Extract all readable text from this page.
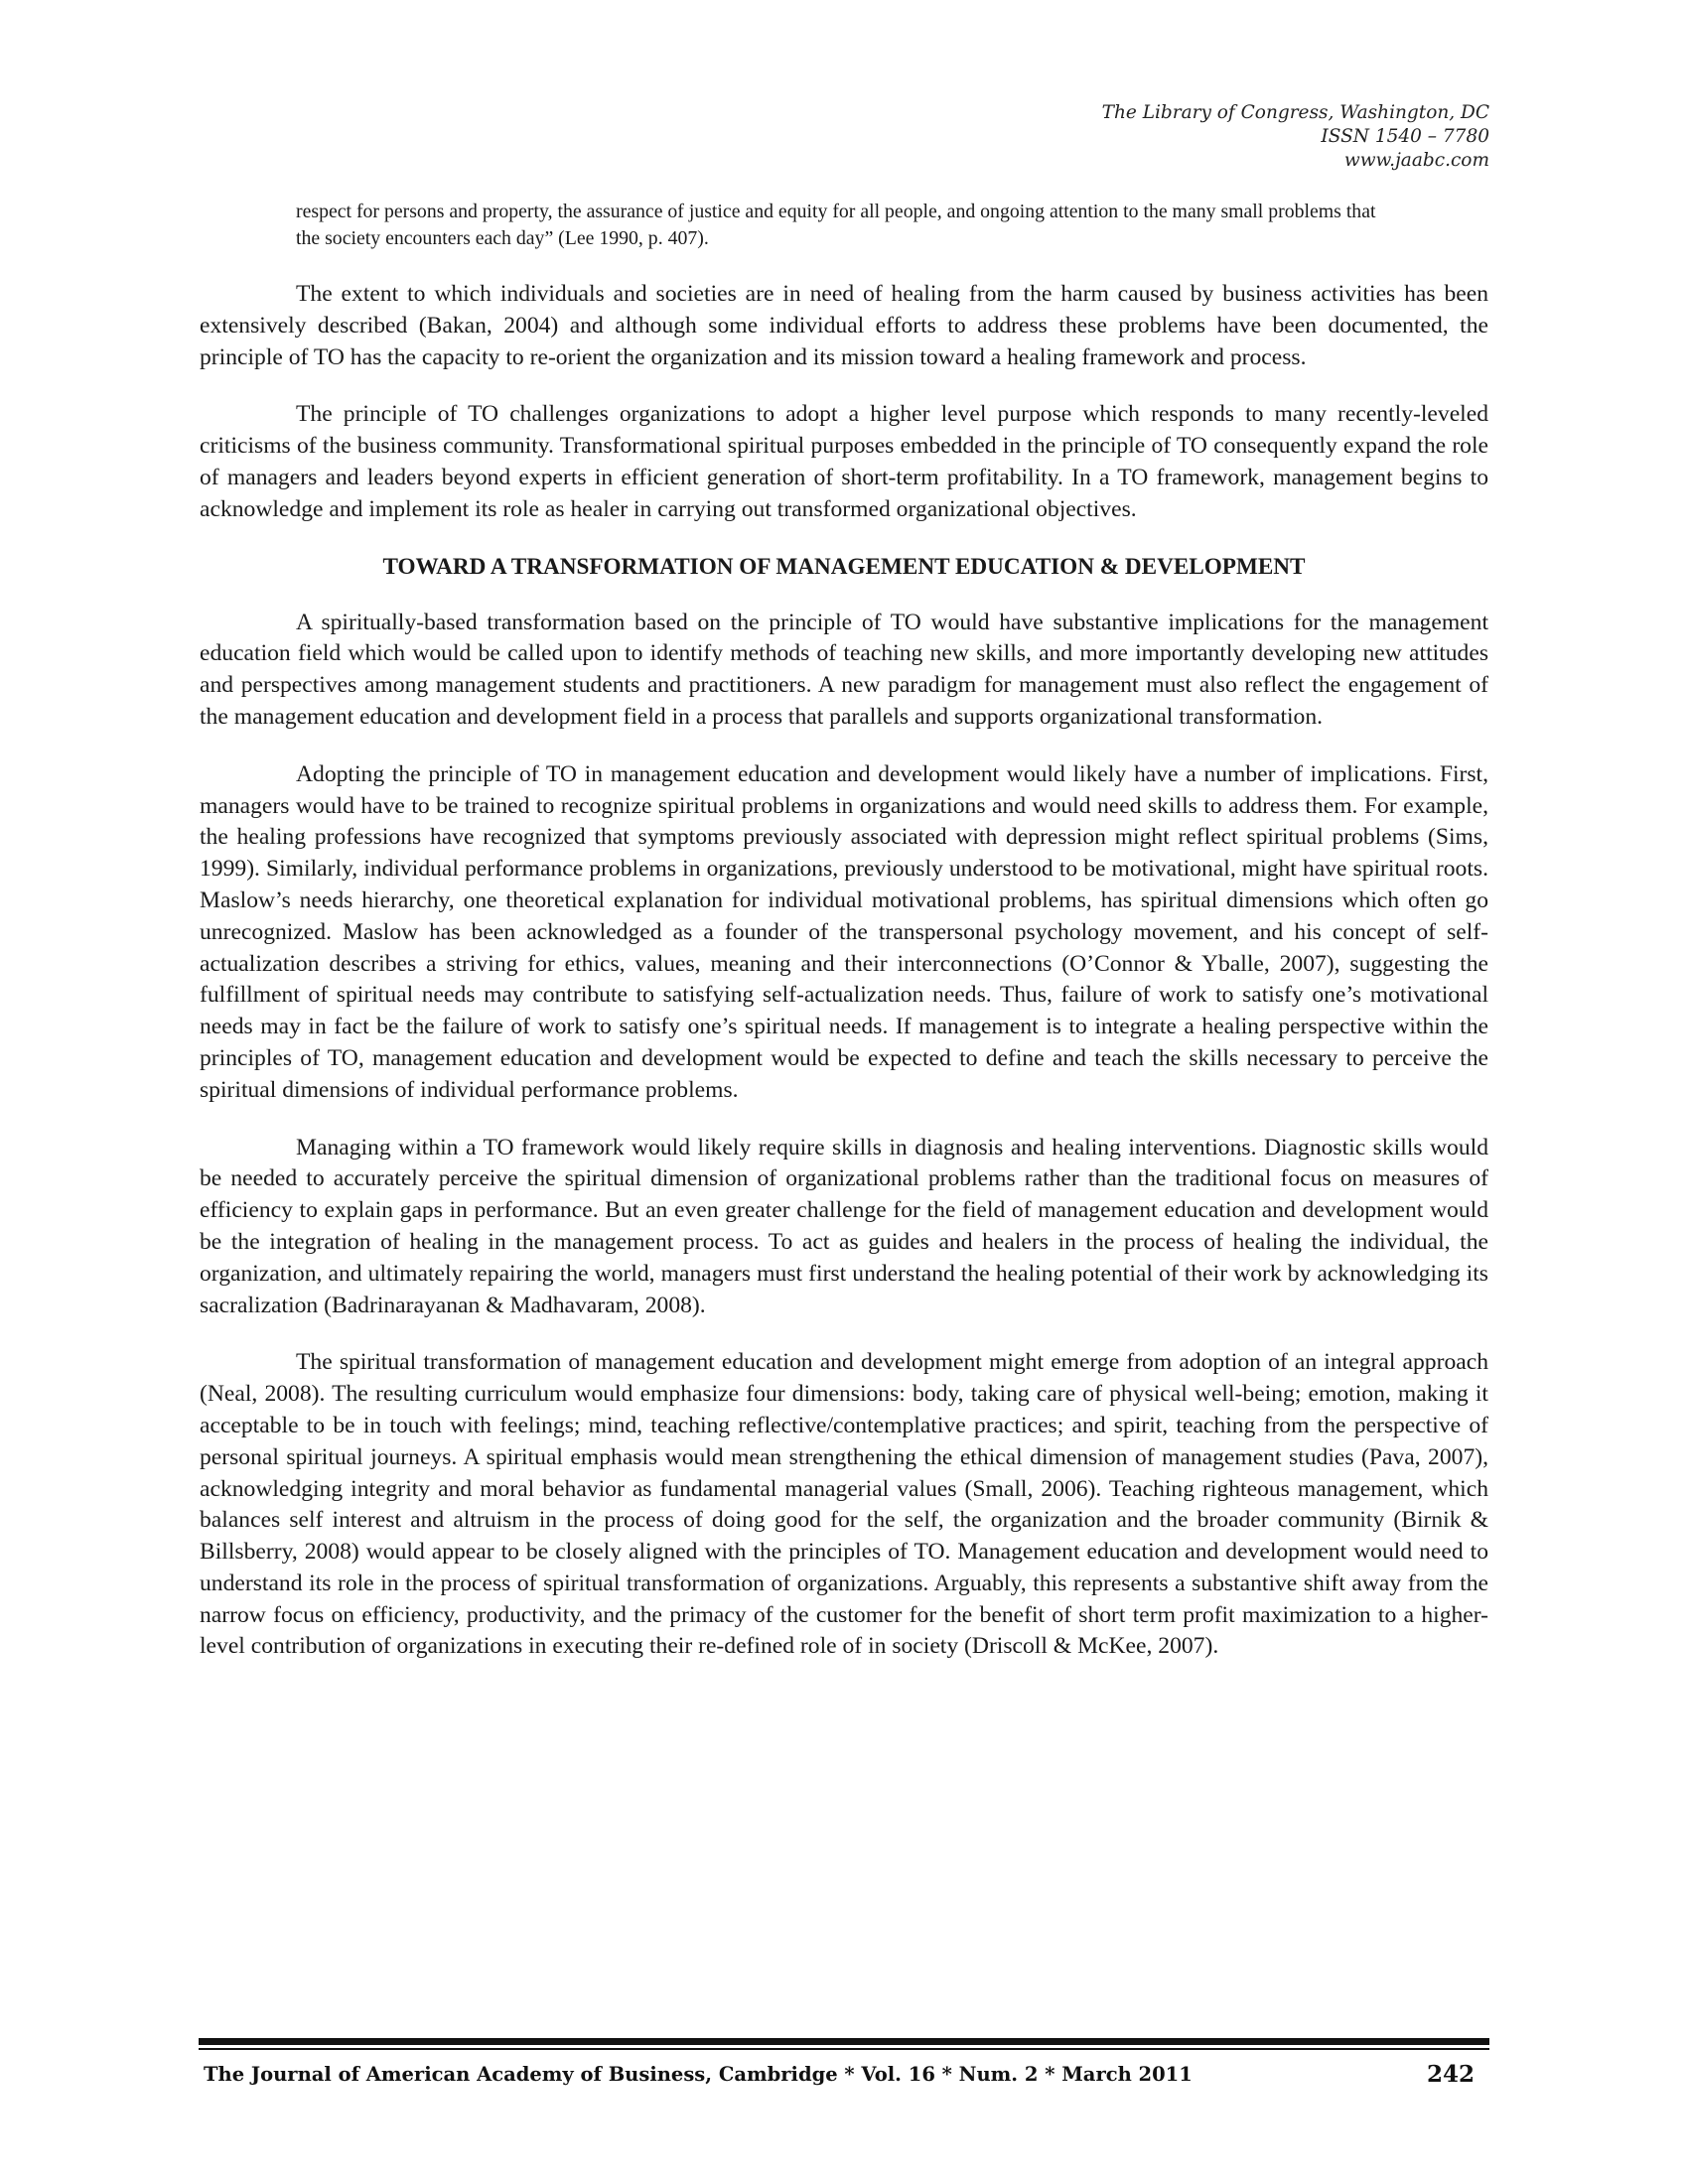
The Library of Congress, Washington, DC
ISSN 1540 – 7780
www.jaabc.com
respect for persons and property, the assurance of justice and equity for all people, and ongoing attention to the many small problems that the society encounters each day” (Lee 1990, p. 407).

The extent to which individuals and societies are in need of healing from the harm caused by business activities has been extensively described (Bakan, 2004) and although some individual efforts to address these problems have been documented, the principle of TO has the capacity to re-orient the organization and its mission toward a healing framework and process.

The principle of TO challenges organizations to adopt a higher level purpose which responds to many recently-leveled criticisms of the business community. Transformational spiritual purposes embedded in the principle of TO consequently expand the role of managers and leaders beyond experts in efficient generation of short-term profitability. In a TO framework, management begins to acknowledge and implement its role as healer in carrying out transformed organizational objectives.

TOWARD A TRANSFORMATION OF MANAGEMENT EDUCATION & DEVELOPMENT

A spiritually-based transformation based on the principle of TO would have substantive implications for the management education field which would be called upon to identify methods of teaching new skills, and more importantly developing new attitudes and perspectives among management students and practitioners. A new paradigm for management must also reflect the engagement of the management education and development field in a process that parallels and supports organizational transformation.

Adopting the principle of TO in management education and development would likely have a number of implications. First, managers would have to be trained to recognize spiritual problems in organizations and would need skills to address them. For example, the healing professions have recognized that symptoms previously associated with depression might reflect spiritual problems (Sims, 1999). Similarly, individual performance problems in organizations, previously understood to be motivational, might have spiritual roots. Maslow’s needs hierarchy, one theoretical explanation for individual motivational problems, has spiritual dimensions which often go unrecognized. Maslow has been acknowledged as a founder of the transpersonal psychology movement, and his concept of self-actualization describes a striving for ethics, values, meaning and their interconnections (O’Connor & Yballe, 2007), suggesting the fulfillment of spiritual needs may contribute to satisfying self-actualization needs. Thus, failure of work to satisfy one’s motivational needs may in fact be the failure of work to satisfy one’s spiritual needs. If management is to integrate a healing perspective within the principles of TO, management education and development would be expected to define and teach the skills necessary to perceive the spiritual dimensions of individual performance problems.

Managing within a TO framework would likely require skills in diagnosis and healing interventions. Diagnostic skills would be needed to accurately perceive the spiritual dimension of organizational problems rather than the traditional focus on measures of efficiency to explain gaps in performance. But an even greater challenge for the field of management education and development would be the integration of healing in the management process. To act as guides and healers in the process of healing the individual, the organization, and ultimately repairing the world, managers must first understand the healing potential of their work by acknowledging its sacralization (Badrinarayanan & Madhavaram, 2008).

The spiritual transformation of management education and development might emerge from adoption of an integral approach (Neal, 2008). The resulting curriculum would emphasize four dimensions: body, taking care of physical well-being; emotion, making it acceptable to be in touch with feelings; mind, teaching reflective/contemplative practices; and spirit, teaching from the perspective of personal spiritual journeys. A spiritual emphasis would mean strengthening the ethical dimension of management studies (Pava, 2007), acknowledging integrity and moral behavior as fundamental managerial values (Small, 2006). Teaching righteous management, which balances self interest and altruism in the process of doing good for the self, the organization and the broader community (Birnik & Billsberry, 2008) would appear to be closely aligned with the principles of TO. Management education and development would need to understand its role in the process of spiritual transformation of organizations. Arguably, this represents a substantive shift away from the narrow focus on efficiency, productivity, and the primacy of the customer for the benefit of short term profit maximization to a higher-level contribution of organizations in executing their re-defined role of in society (Driscoll & McKee, 2007).

The Journal of American Academy of Business, Cambridge * Vol. 16 * Num. 2 * March 2011	242
